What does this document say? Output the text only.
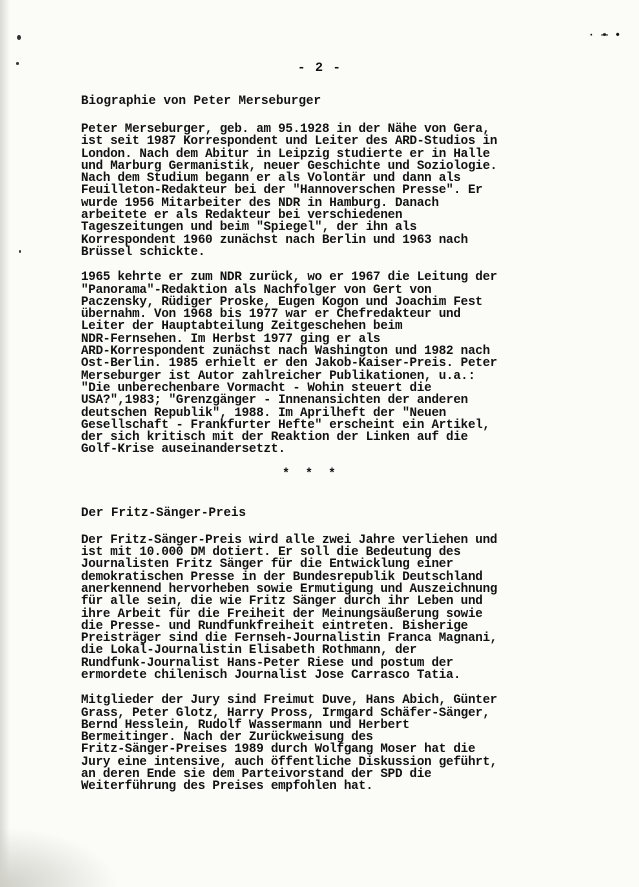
- 2 -
· — •
Biographie von Peter Merseburger

Peter Merseburger, geb. am 95.1928 in der Nähe von Gera,
ist seit 1987 Korrespondent und Leiter des ARD-Studios in
London. Nach dem Abitur in Leipzig studierte er in Halle
und Marburg Germanistik, neuer Geschichte und Soziologie.
Nach dem Studium begann er als Volontär und dann als
Feuilleton-Redakteur bei der "Hannoverschen Presse". Er
wurde 1956 Mitarbeiter des NDR in Hamburg. Danach
arbeitete er als Redakteur bei verschiedenen
Tageszeitungen und beim "Spiegel", der ihn als
Korrespondent 1960 zunächst nach Berlin und 1963 nach
Brüssel schickte.

1965 kehrte er zum NDR zurück, wo er 1967 die Leitung der
"Panorama"-Redaktion als Nachfolger von Gert von
Paczensky, Rüdiger Proske, Eugen Kogon und Joachim Fest
übernahm. Von 1968 bis 1977 war er Chefredakteur und
Leiter der Hauptabteilung Zeitgeschehen beim
NDR-Fernsehen. Im Herbst 1977 ging er als
ARD-Korrespondent zunächst nach Washington und 1982 nach
Ost-Berlin. 1985 erhielt er den Jakob-Kaiser-Preis. Peter
Merseburger ist Autor zahlreicher Publikationen, u.a.:
"Die unberechenbare Vormacht - Wohin steuert die
USA?",1983; "Grenzgänger - Innenansichten der anderen
deutschen Republik", 1988. Im Aprilheft der "Neuen
Gesellschaft - Frankfurter Hefte" erscheint ein Artikel,
der sich kritisch mit der Reaktion der Linken auf die
Golf-Krise auseinandersetzt.

* * *
Der Fritz-Sänger-Preis

Der Fritz-Sänger-Preis wird alle zwei Jahre verliehen und
ist mit 10.000 DM dotiert. Er soll die Bedeutung des
Journalisten Fritz Sänger für die Entwicklung einer
demokratischen Presse in der Bundesrepublik Deutschland
anerkennend hervorheben sowie Ermutigung und Auszeichnung
für alle sein, die wie Fritz Sänger durch ihr Leben und
ihre Arbeit für die Freiheit der Meinungsäußerung sowie
die Presse- und Rundfunkfreiheit eintreten. Bisherige
Preisträger sind die Fernseh-Journalistin Franca Magnani,
die Lokal-Journalistin Elisabeth Rothmann, der
Rundfunk-Journalist Hans-Peter Riese und postum der
ermordete chilenisch Journalist Jose Carrasco Tatia.

Mitglieder der Jury sind Freimut Duve, Hans Abich, Günter
Grass, Peter Glotz, Harry Pross, Irmgard Schäfer-Sänger,
Bernd Hesslein, Rudolf Wassermann und Herbert
Bermeitinger. Nach der Zurückweisung des
Fritz-Sänger-Preises 1989 durch Wolfgang Moser hat die
Jury eine intensive, auch öffentliche Diskussion geführt,
an deren Ende sie dem Parteivorstand der SPD die
Weiterführung des Preises empfohlen hat.
